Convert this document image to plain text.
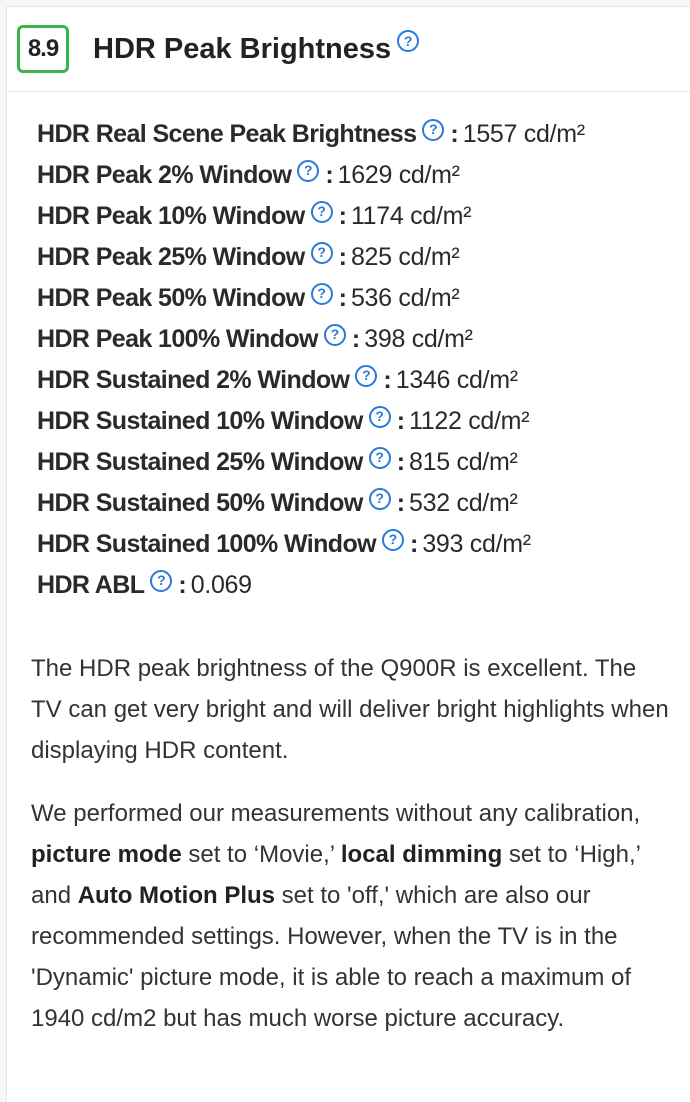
8.9	HDR Peak Brightness ?
HDR Real Scene Peak Brightness ? : 1557 cd/m²
HDR Peak 2% Window ? : 1629 cd/m²
HDR Peak 10% Window ? : 1174 cd/m²
HDR Peak 25% Window ? : 825 cd/m²
HDR Peak 50% Window ? : 536 cd/m²
HDR Peak 100% Window ? : 398 cd/m²
HDR Sustained 2% Window ? : 1346 cd/m²
HDR Sustained 10% Window ? : 1122 cd/m²
HDR Sustained 25% Window ? : 815 cd/m²
HDR Sustained 50% Window ? : 532 cd/m²
HDR Sustained 100% Window ? : 393 cd/m²
HDR ABL ? : 0.069

The HDR peak brightness of the Q900R is excellent. The TV can get very bright and will deliver bright highlights when displaying HDR content.

We performed our measurements without any calibration, picture mode set to ‘Movie,’ local dimming set to ‘High,’ and Auto Motion Plus set to 'off,' which are also our recommended settings. However, when the TV is in the 'Dynamic' picture mode, it is able to reach a maximum of 1940 cd/m2 but has much worse picture accuracy.
